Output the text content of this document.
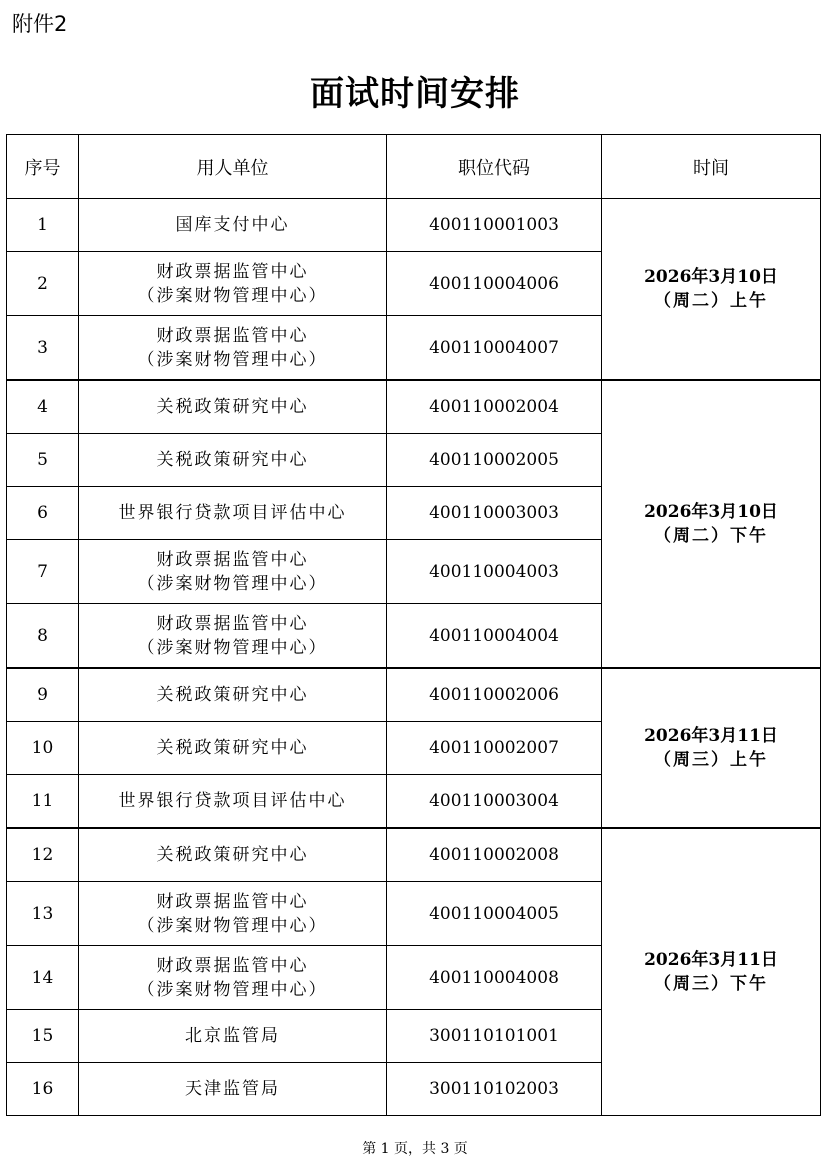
附件2
面试时间安排
序号	用人单位	职位代码	时间
1	国库支付中心	400110001003	2026年3月10日
（周二）上午

2	财政票据监管中心
（涉案财物管理中心）	400110004006	
3	财政票据监管中心
（涉案财物管理中心）	400110004007	
4	关税政策研究中心	400110002004	2026年3月10日
（周二）下午

5	关税政策研究中心	400110002005	
6	世界银行贷款项目评估中心	400110003003	
7	财政票据监管中心
（涉案财物管理中心）	400110004003	
8	财政票据监管中心
（涉案财物管理中心）	400110004004	
9	关税政策研究中心	400110002006	2026年3月11日
（周三）上午

10	关税政策研究中心	400110002007	
11	世界银行贷款项目评估中心	400110003004	
12	关税政策研究中心	400110002008	2026年3月11日
（周三）下午

13	财政票据监管中心
（涉案财物管理中心）	400110004005	
14	财政票据监管中心
（涉案财物管理中心）	400110004008	
15	北京监管局	300110101001	
16	天津监管局	300110102003	
第 1 页，共 3 页
